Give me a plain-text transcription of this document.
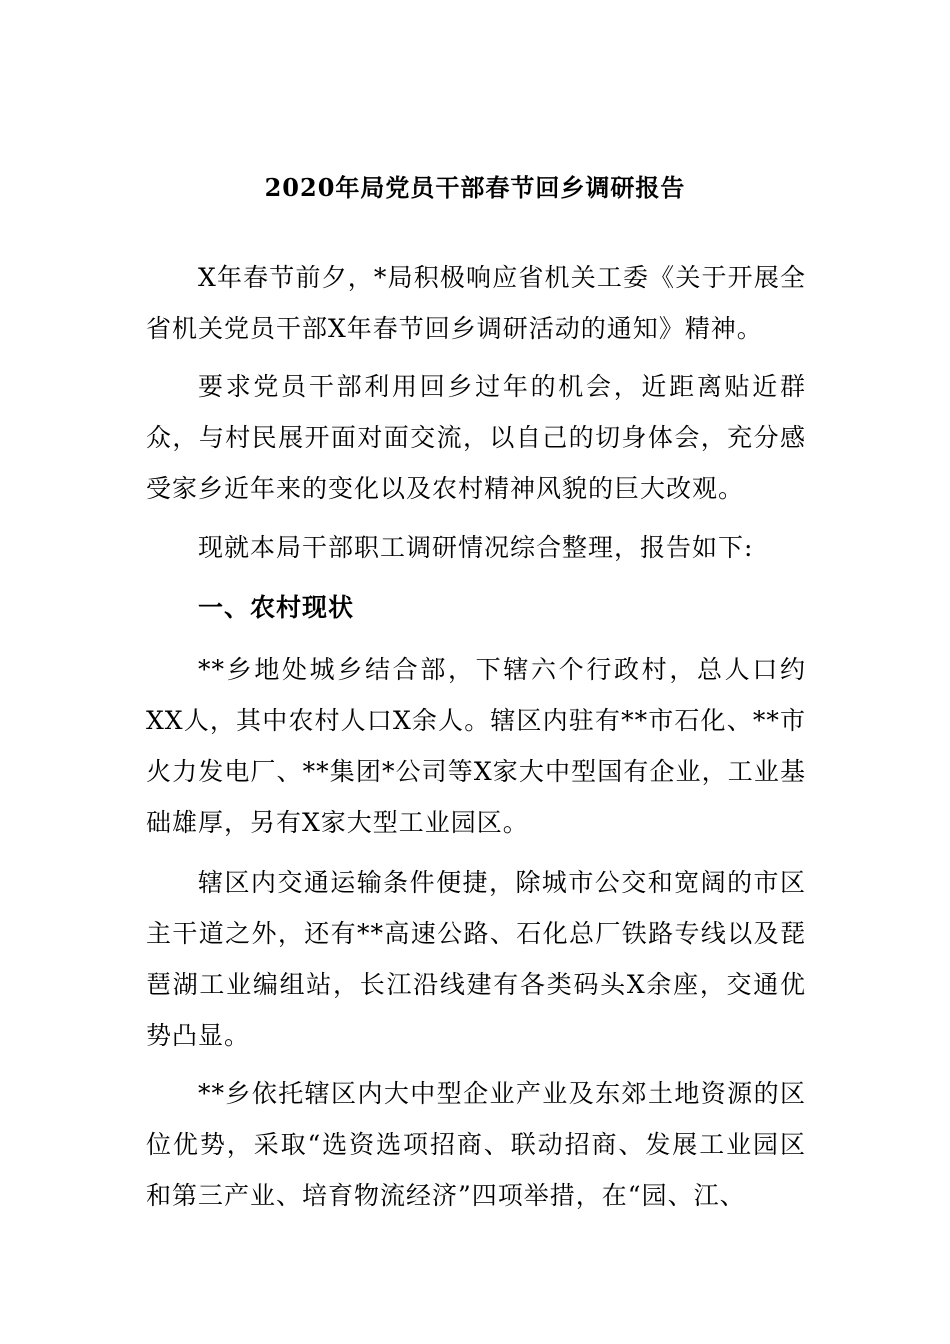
2020年局党员干部春节回乡调研报告

X年春节前夕，*局积极响应省机关工委《关于开展全省机关党员干部X年春节回乡调研活动的通知》精神。

要求党员干部利用回乡过年的机会，近距离贴近群众，与村民展开面对面交流，以自己的切身体会，充分感受家乡近年来的变化以及农村精神风貌的巨大改观。

现就本局干部职工调研情况综合整理，报告如下:

一、农村现状

**乡地处城乡结合部，下辖六个行政村，总人口约XX人，其中农村人口X余人。辖区内驻有**市石化、**市火力发电厂、**集团*公司等X家大中型国有企业，工业基础雄厚，另有X家大型工业园区。

辖区内交通运输条件便捷，除城市公交和宽阔的市区主干道之外，还有**高速公路、石化总厂铁路专线以及琵琶湖工业编组站，长江沿线建有各类码头X余座，交通优势凸显。

**乡依托辖区内大中型企业产业及东郊土地资源的区位优势，采取“选资选项招商、联动招商、发展工业园区和第三产业、培育物流经济”四项举措，在“园、江、
